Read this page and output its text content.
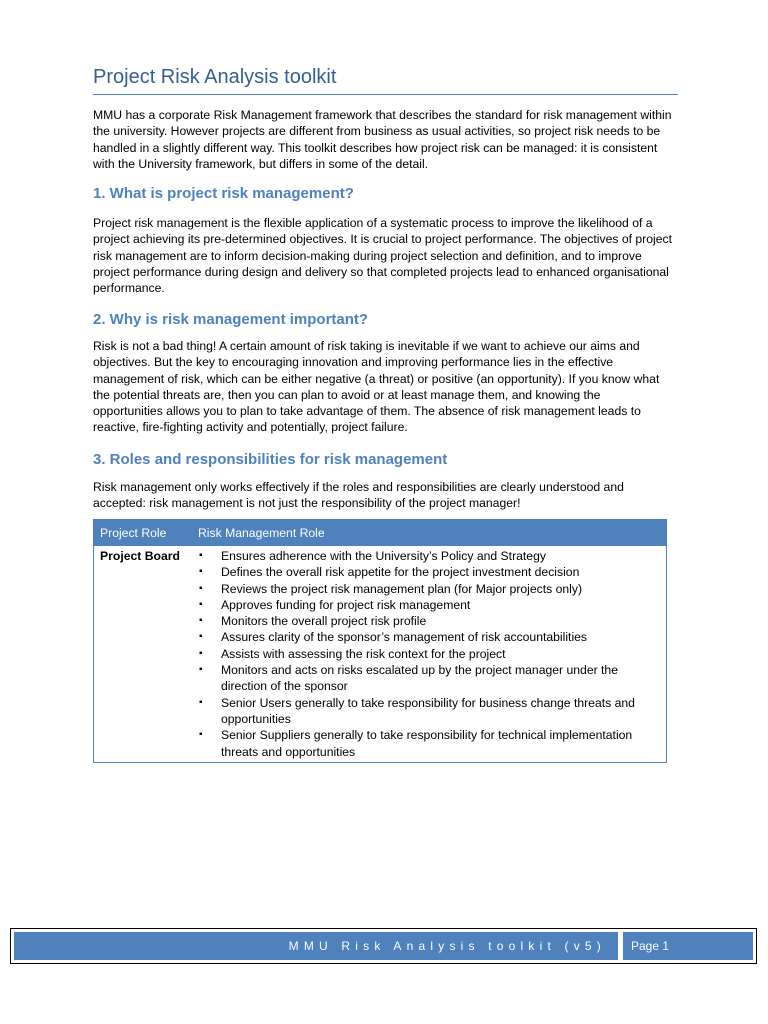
Project Risk Analysis toolkit

MMU has a corporate Risk Management framework that describes the standard for risk management within the university. However projects are different from business as usual activities, so project risk needs to be handled in a slightly different way. This toolkit describes how project risk can be managed: it is consistent with the University framework, but differs in some of the detail.

1. What is project risk management?

Project risk management is the flexible application of a systematic process to improve the likelihood of a project achieving its pre-determined objectives. It is crucial to project performance. The objectives of project risk management are to inform decision-making during project selection and definition, and to improve project performance during design and delivery so that completed projects lead to enhanced organisational performance.

2. Why is risk management important?

Risk is not a bad thing! A certain amount of risk taking is inevitable if we want to achieve our aims and objectives. But the key to encouraging innovation and improving performance lies in the effective management of risk, which can be either negative (a threat) or positive (an opportunity). If you know what the potential threats are, then you can plan to avoid or at least manage them, and knowing the opportunities allows you to plan to take advantage of them. The absence of risk management leads to reactive, fire-fighting activity and potentially, project failure.

3. Roles and responsibilities for risk management

Risk management only works effectively if the roles and responsibilities are clearly understood and accepted: risk management is not just the responsibility of the project manager!

Project Role	Risk Management Role
Project Board	▪ Ensures adherence with the University’s Policy and Strategy
▪ Defines the overall risk appetite for the project investment decision
▪ Reviews the project risk management plan (for Major projects only)
▪ Approves funding for project risk management
▪ Monitors the overall project risk profile
▪ Assures clarity of the sponsor’s management of risk accountabilities
▪ Assists with assessing the risk context for the project
▪ Monitors and acts on risks escalated up by the project manager under the direction of the sponsor
▪ Senior Users generally to take responsibility for business change threats and opportunities
▪ Senior Suppliers generally to take responsibility for technical implementation threats and opportunities
MMU Risk Analysis toolkit (v5) Page 1
